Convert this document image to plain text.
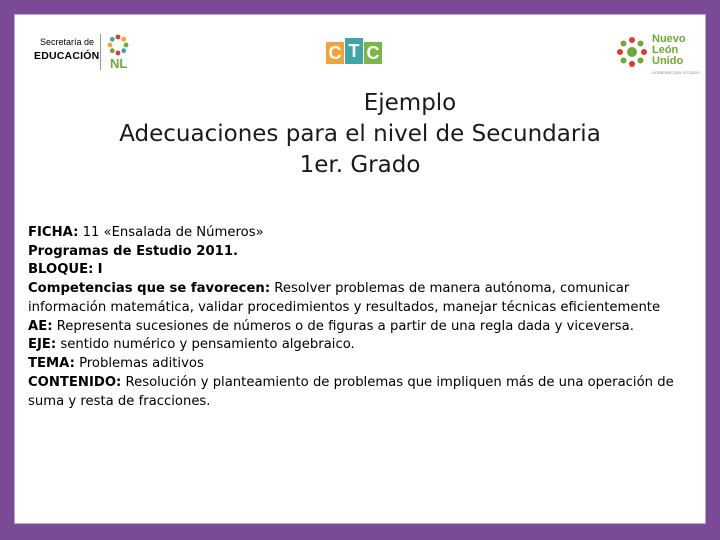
Secretaría de
EDUCACIÓN NL
C T C
Nuevo
León
Unido
GOBIERNO DEL ESTADO
Ejemplo
Adecuaciones para el nivel de Secundaria
1er. Grado

FICHA: 11 «Ensalada de Números»

Programas de Estudio 2011.

BLOQUE: I

Competencias que se favorecen: Resolver problemas de manera autónoma, comunicar información matemática, validar procedimientos y resultados, manejar técnicas eficientemente

AE: Representa sucesiones de números o de figuras a partir de una regla dada y viceversa.

EJE: sentido numérico y pensamiento algebraico.

TEMA: Problemas aditivos

CONTENIDO: Resolución y planteamiento de problemas que impliquen más de una operación de suma y resta de fracciones.
